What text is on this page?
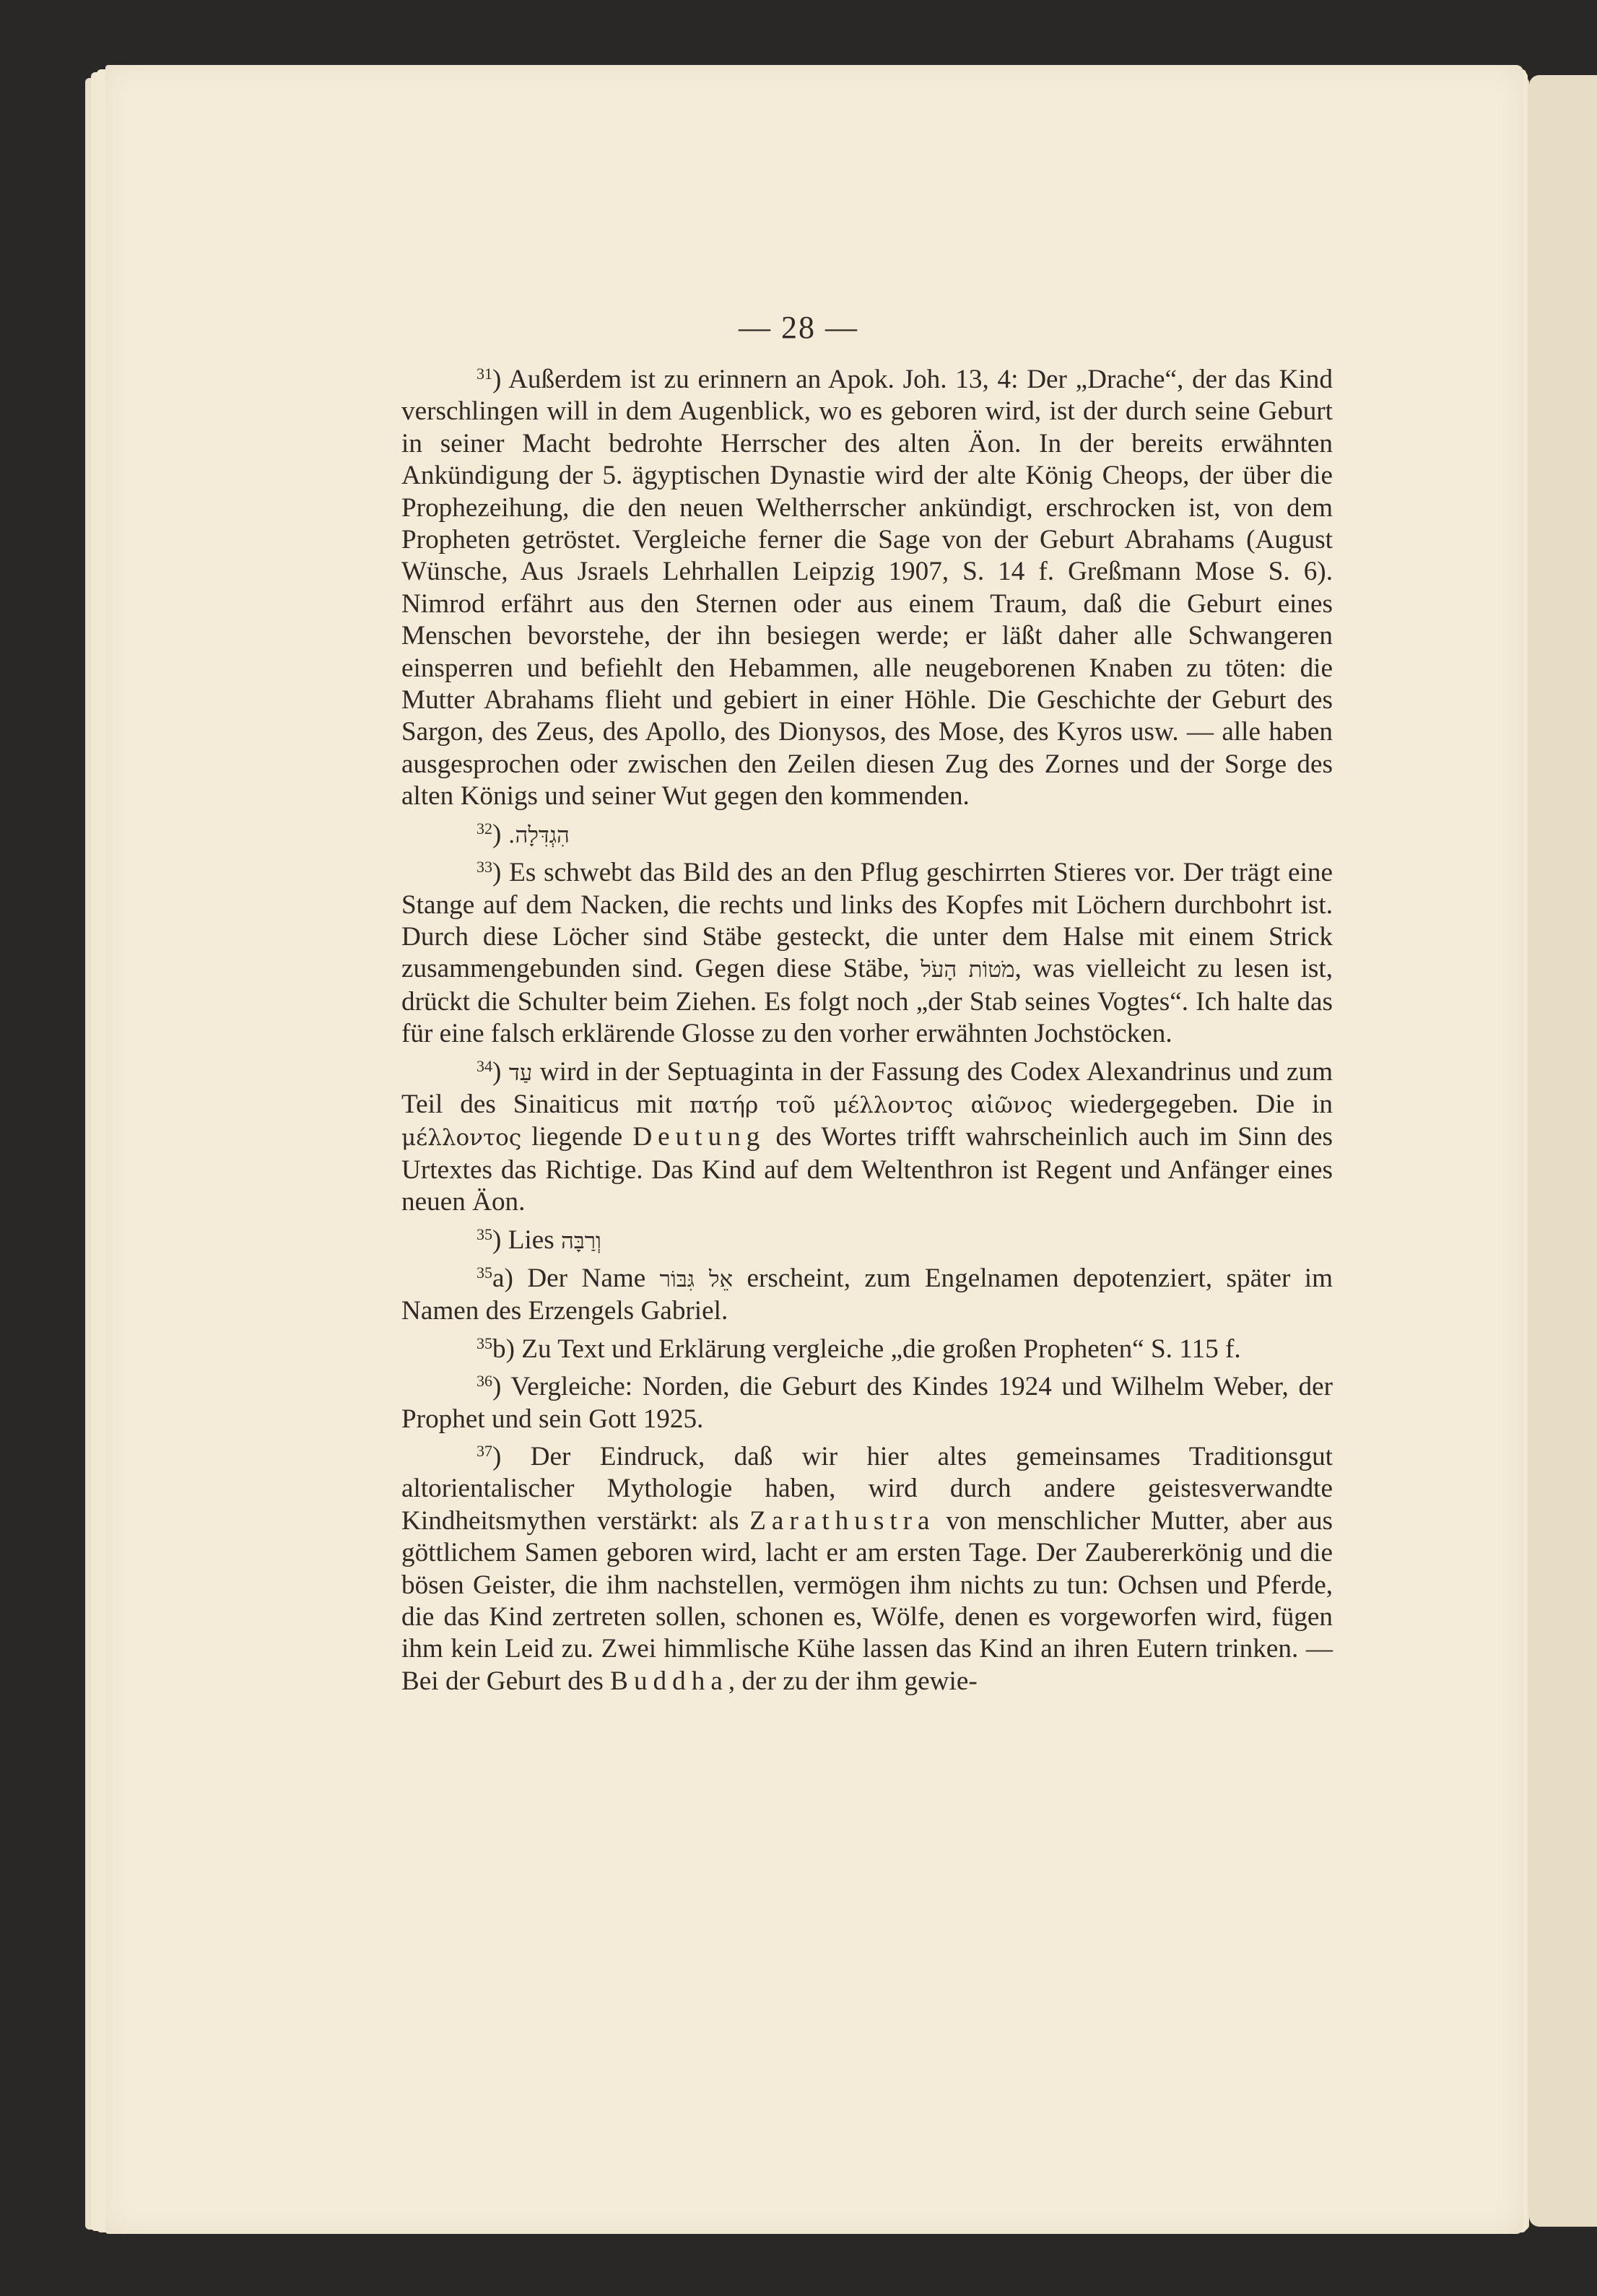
— 28 —

$^{31}$) Außerdem ist zu erinnern an Apok. Joh. 13, 4: Der „Drache“, der das Kind verschlingen will in dem Augenblick, wo es geboren wird, ist der durch seine Geburt in seiner Macht bedrohte Herrscher des alten Äon. In der bereits erwähnten Ankündigung der 5. ägyptischen Dynastie wird der alte König Cheops, der über die Prophezeihung, die den neuen Weltherrscher ankündigt, erschrocken ist, von dem Propheten getröstet. Vergleiche ferner die Sage von der Geburt Abrahams (August Wünsche, Aus Jsraels Lehrhallen Leipzig 1907, S. 14 f. Greßmann Mose S. 6). Nimrod erfährt aus den Sternen oder aus einem Traum, daß die Geburt eines Menschen bevorstehe, der ihn besiegen werde; er läßt daher alle Schwangeren einsperren und befiehlt den Hebammen, alle neugeborenen Knaben zu töten: die Mutter Abrahams flieht und gebiert in einer Höhle. Die Geschichte der Geburt des Sargon, des Zeus, des Apollo, des Dionysos, des Mose, des Kyros usw. — alle haben ausgesprochen oder zwischen den Zeilen diesen Zug des Zornes und der Sorge des alten Königs und seiner Wut gegen den kommenden.

$^{32}$) הִגְדִּלָה.

$^{33}$) Es schwebt das Bild des an den Pflug geschirrten Stieres vor. Der trägt eine Stange auf dem Nacken, die rechts und links des Kopfes mit Löchern durchbohrt ist. Durch diese Löcher sind Stäbe gesteckt, die unter dem Halse mit einem Strick zusammengebunden sind. Gegen diese Stäbe, מֹטוֹת הָעֹל, was vielleicht zu lesen ist, drückt die Schulter beim Ziehen. Es folgt noch „der Stab seines Vogtes“. Ich halte das für eine falsch erklärende Glosse zu den vorher erwähnten Jochstöcken.

$^{34}$) עַד wird in der Septuaginta in der Fassung des Codex Alexandrinus und zum Teil des Sinaiticus mit πατήρ τοῦ μέλλοντος αἰῶνος wiedergegeben. Die in μέλλοντος liegende Deutung des Wortes trifft wahrscheinlich auch im Sinn des Urtextes das Richtige. Das Kind auf dem Weltenthron ist Regent und Anfänger eines neuen Äon.

$^{35}$) Lies וְרַבָּה

$^{35}$a) Der Name אֵל גִּבּוֹר erscheint, zum Engelnamen depotenziert, später im Namen des Erzengels Gabriel.

$^{35}$b) Zu Text und Erklärung vergleiche „die großen Propheten“ S. 115 f.

$^{36}$) Vergleiche: Norden, die Geburt des Kindes 1924 und Wilhelm Weber, der Prophet und sein Gott 1925.

$^{37}$) Der Eindruck, daß wir hier altes gemeinsames Traditionsgut altorientalischer Mythologie haben, wird durch andere geistesverwandte Kindheitsmythen verstärkt: als Zarathustra von menschlicher Mutter, aber aus göttlichem Samen geboren wird, lacht er am ersten Tage. Der Zaubererkönig und die bösen Geister, die ihm nachstellen, vermögen ihm nichts zu tun: Ochsen und Pferde, die das Kind zertreten sollen, schonen es, Wölfe, denen es vorgeworfen wird, fügen ihm kein Leid zu. Zwei himmlische Kühe lassen das Kind an ihren Eutern trinken. — Bei der Geburt des Buddha, der zu der ihm gewie-
